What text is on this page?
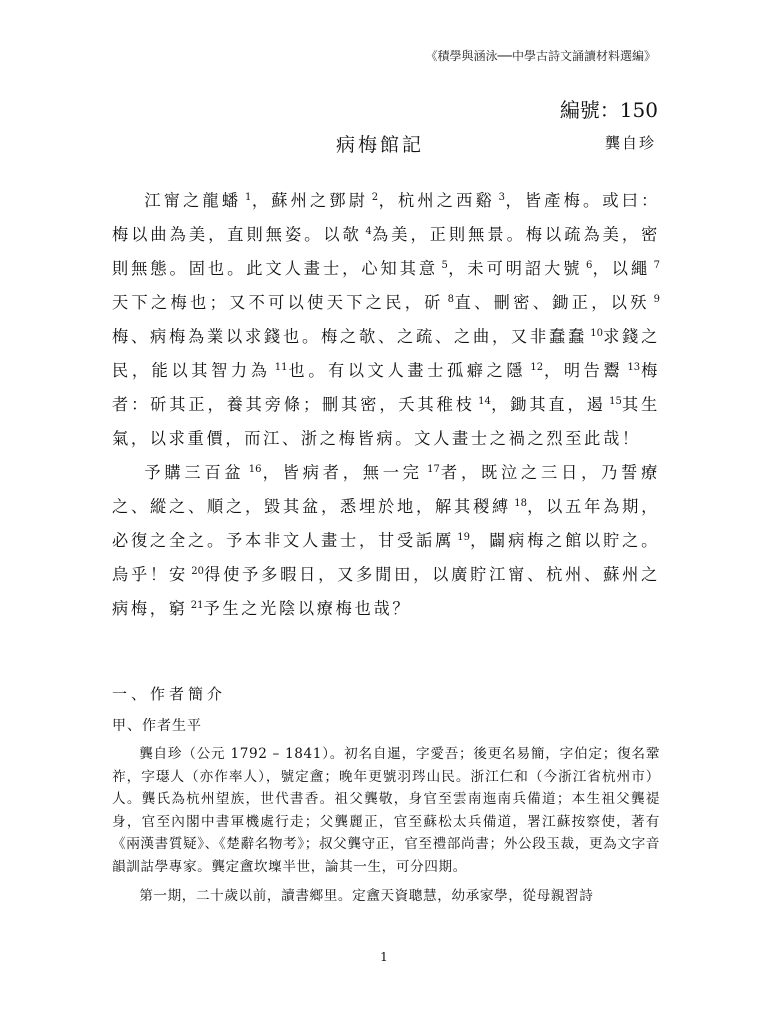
《積學與涵泳──中學古詩文誦讀材料選編》
編號：150
病梅館記	龔自珍

江甯之龍蟠 $^1$，蘇州之鄧尉 $^2$，杭州之西谿 $^3$，皆產梅。或曰：梅以曲為美，直則無姿。以欹 $^4$為美，正則無景。梅以疏為美，密則無態。固也。此文人畫士，心知其意 $^5$，未可明詔大號 $^6$，以繩 $^7$天下之梅也；又不可以使天下之民，斫 $^8$直、刪密、鋤正，以殀 $^9$梅、病梅為業以求錢也。梅之欹、之疏、之曲，又非蠢蠢 $^{10}$求錢之民，能以其智力為 $^{11}$也。有以文人畫士孤癖之隱 $^{12}$，明告鬻 $^{13}$梅者：斫其正，養其旁條；刪其密，夭其稚枝 $^{14}$，鋤其直，遏 $^{15}$其生氣，以求重價，而江、浙之梅皆病。文人畫士之禍之烈至此哉！

予購三百盆 $^{16}$，皆病者，無一完 $^{17}$者，既泣之三日，乃誓療之、縱之、順之，毀其盆，悉埋於地，解其稯縛 $^{18}$，以五年為期，必復之全之。予本非文人畫士，甘受詬厲 $^{19}$，闢病梅之館以貯之。烏乎！安 $^{20}$得使予多暇日，又多閒田，以廣貯江甯、杭州、蘇州之病梅，窮 $^{21}$予生之光陰以療梅也哉？

一、作者簡介
甲、作者生平

龔自珍（公元 1792 – 1841）。初名自暹，字愛吾；後更名易簡，字伯定；復名鞏祚，字璱人（亦作率人），號定盦；晚年更號羽琌山民。浙江仁和（今浙江省杭州市）人。龔氏為杭州望族，世代書香。祖父龔敬，身官至雲南迤南兵備道；本生祖父龔禔身，官至內閣中書軍機處行走；父龔麗正，官至蘇松太兵備道，署江蘇按察使，著有《兩漢書質疑》、《楚辭名物考》；叔父龔守正，官至禮部尚書；外公段玉裁，更為文字音韻訓詁學專家。龔定盦坎壈半世，論其一生，可分四期。

第一期，二十歲以前，讀書鄉里。定盦天資聰慧，幼承家學，從母親習詩

1
